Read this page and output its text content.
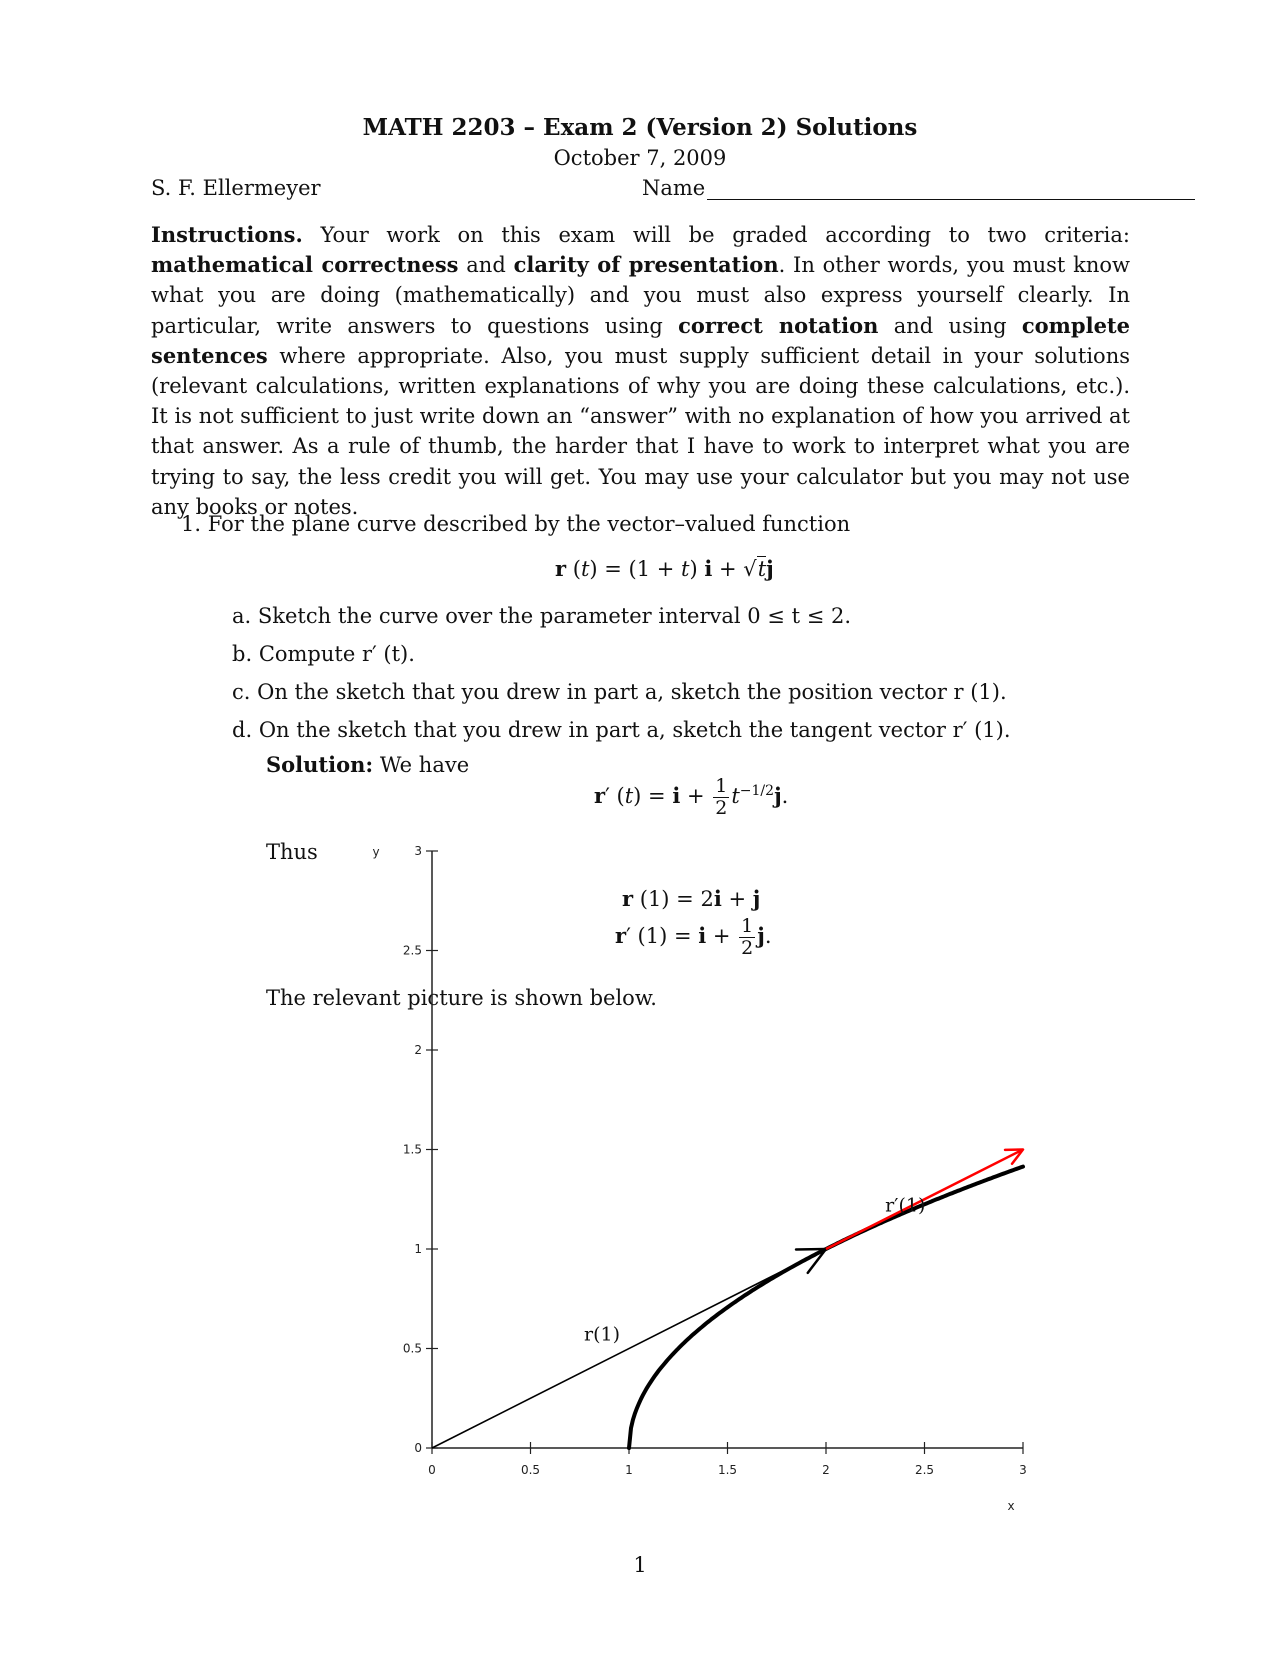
MATH 2203 – Exam 2 (Version 2) Solutions
October 7, 2009
S. F. Ellermeyer	Name
Instructions. Your work on this exam will be graded according to two criteria: mathematical correctness and clarity of presentation. In other words, you must know what you are doing (mathematically) and you must also express yourself clearly. In particular, write answers to questions using correct notation and using complete sentences where appropriate. Also, you must supply sufficient detail in your solutions (relevant calculations, written explanations of why you are doing these calculations, etc.). It is not sufficient to just write down an “answer” with no explanation of how you arrived at that answer. As a rule of thumb, the harder that I have to work to interpret what you are trying to say, the less credit you will get. You may use your calculator but you may not use any books or notes.
1. For the plane curve described by the vector–valued function
r (t) = (1 + t) i + √tj
a. Sketch the curve over the parameter interval 0 ≤ t ≤ 2.
b. Compute r′ (t).
c. On the sketch that you drew in part a, sketch the position vector r (1).
d. On the sketch that you drew in part a, sketch the tangent vector r′ (1).
Solution: We have
r′ $(t) = i + \frac{1}{2} t^{-1/2}j$.
Thus
r (1) = 2i + j
r′ $(1) = i + \frac{1}{2} j$.
The relevant picture is shown below.
0	0.5	1	1.5	2	2.5	3
0
0.5
1
1.5
2
2.5
3
x
y
r(1)
r′(1)
1
